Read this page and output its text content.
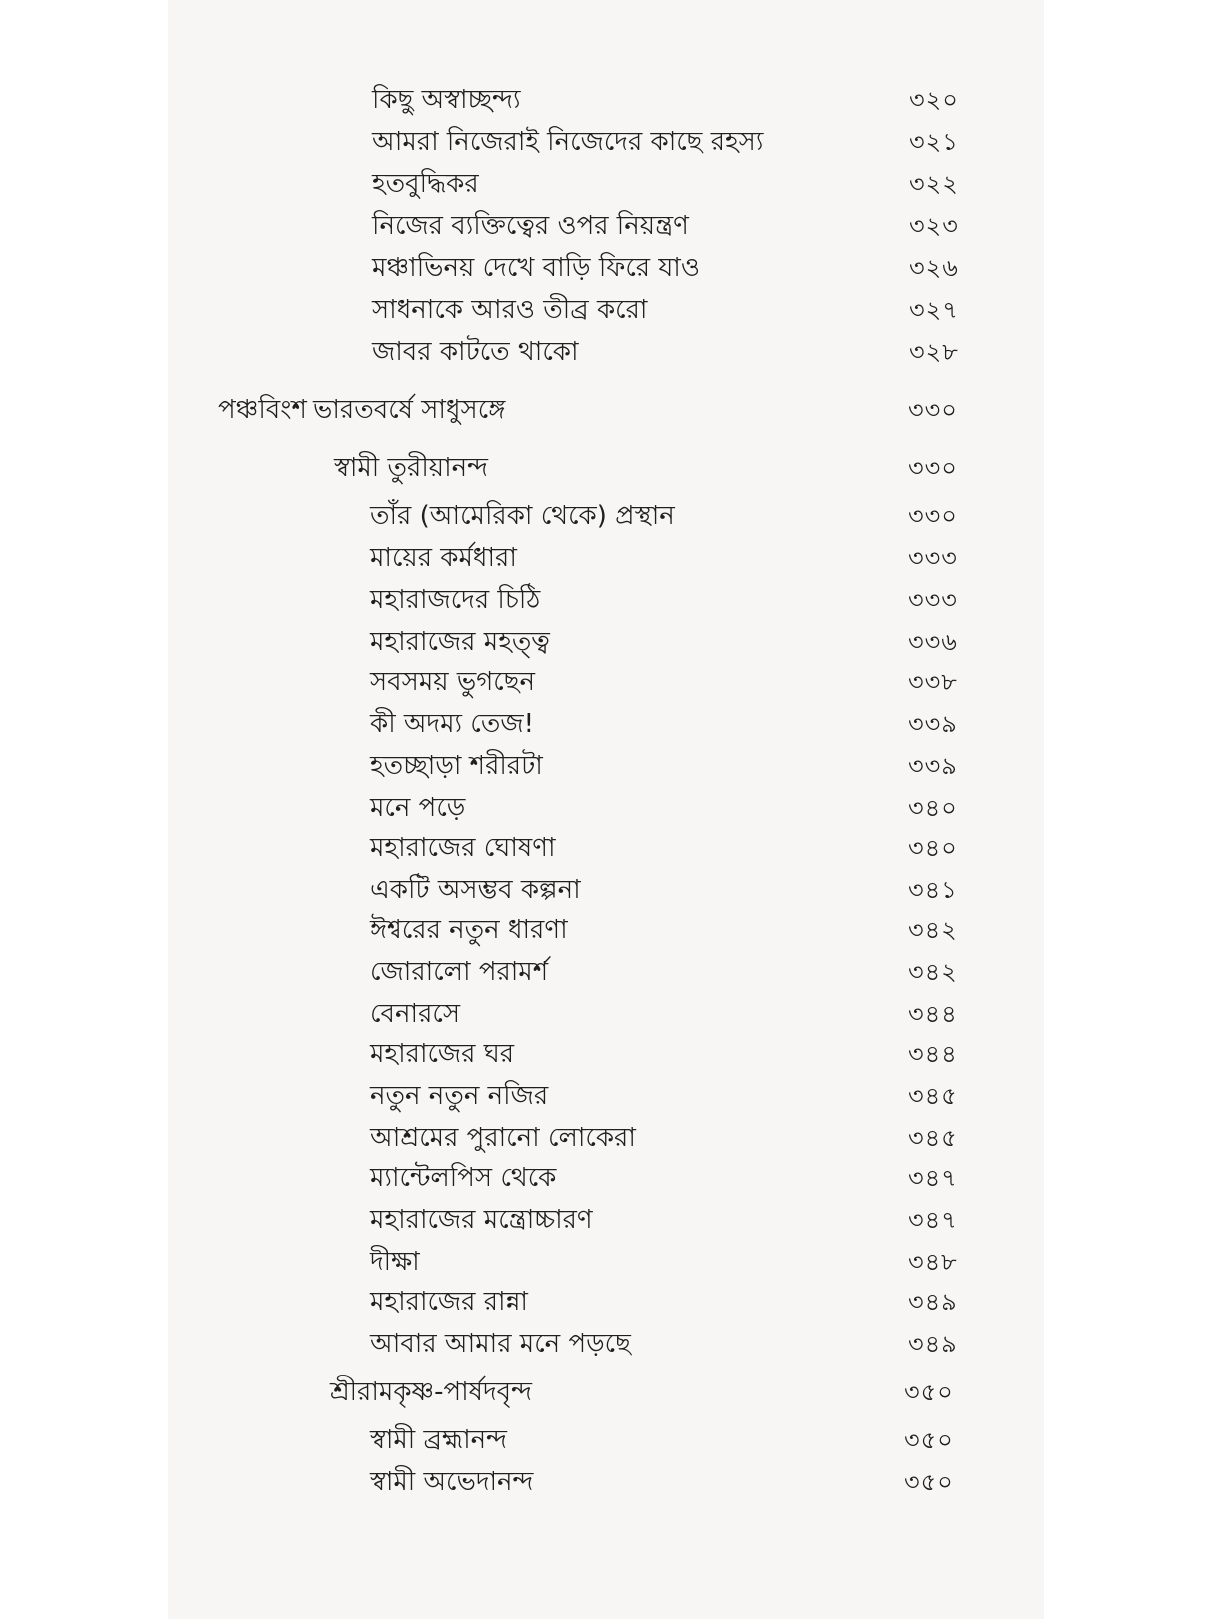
কিছু অস্বাচ্ছন্দ্য	৩২০
আমরা নিজেরাই নিজেদের কাছে রহস্য	৩২১
হতবুদ্ধিকর	৩২২
নিজের ব্যক্তিত্বের ওপর নিয়ন্ত্রণ	৩২৩
মঞ্চাভিনয় দেখে বাড়ি ফিরে যাও	৩২৬
সাধনাকে আরও তীব্র করো	৩২৭
জাবর কাটতে থাকো	৩২৮
পঞ্চবিংশ ভারতবর্ষে সাধুসঙ্গে	৩৩০
স্বামী তুরীয়ানন্দ	৩৩০
তাঁর (আমেরিকা থেকে) প্রস্থান	৩৩০
মায়ের কর্মধারা	৩৩৩
মহারাজদের চিঠি	৩৩৩
মহারাজের মহত্ত্ব	৩৩৬
সবসময় ভুগছেন	৩৩৮
কী অদম্য তেজ!	৩৩৯
হতচ্ছাড়া শরীরটা	৩৩৯
মনে পড়ে	৩৪০
মহারাজের ঘোষণা	৩৪০
একটি অসম্ভব কল্পনা	৩৪১
ঈশ্বরের নতুন ধারণা	৩৪২
জোরালো পরামর্শ	৩৪২
বেনারসে	৩৪৪
মহারাজের ঘর	৩৪৪
নতুন নতুন নজির	৩৪৫
আশ্রমের পুরানো লোকেরা	৩৪৫
ম্যান্টেলপিস থেকে	৩৪৭
মহারাজের মন্ত্রোচ্চারণ	৩৪৭
দীক্ষা	৩৪৮
মহারাজের রান্না	৩৪৯
আবার আমার মনে পড়ছে	৩৪৯
শ্রীরামকৃষ্ণ-পার্ষদবৃন্দ	৩৫০
স্বামী ব্রহ্মানন্দ	৩৫০
স্বামী অভেদানন্দ	৩৫০
